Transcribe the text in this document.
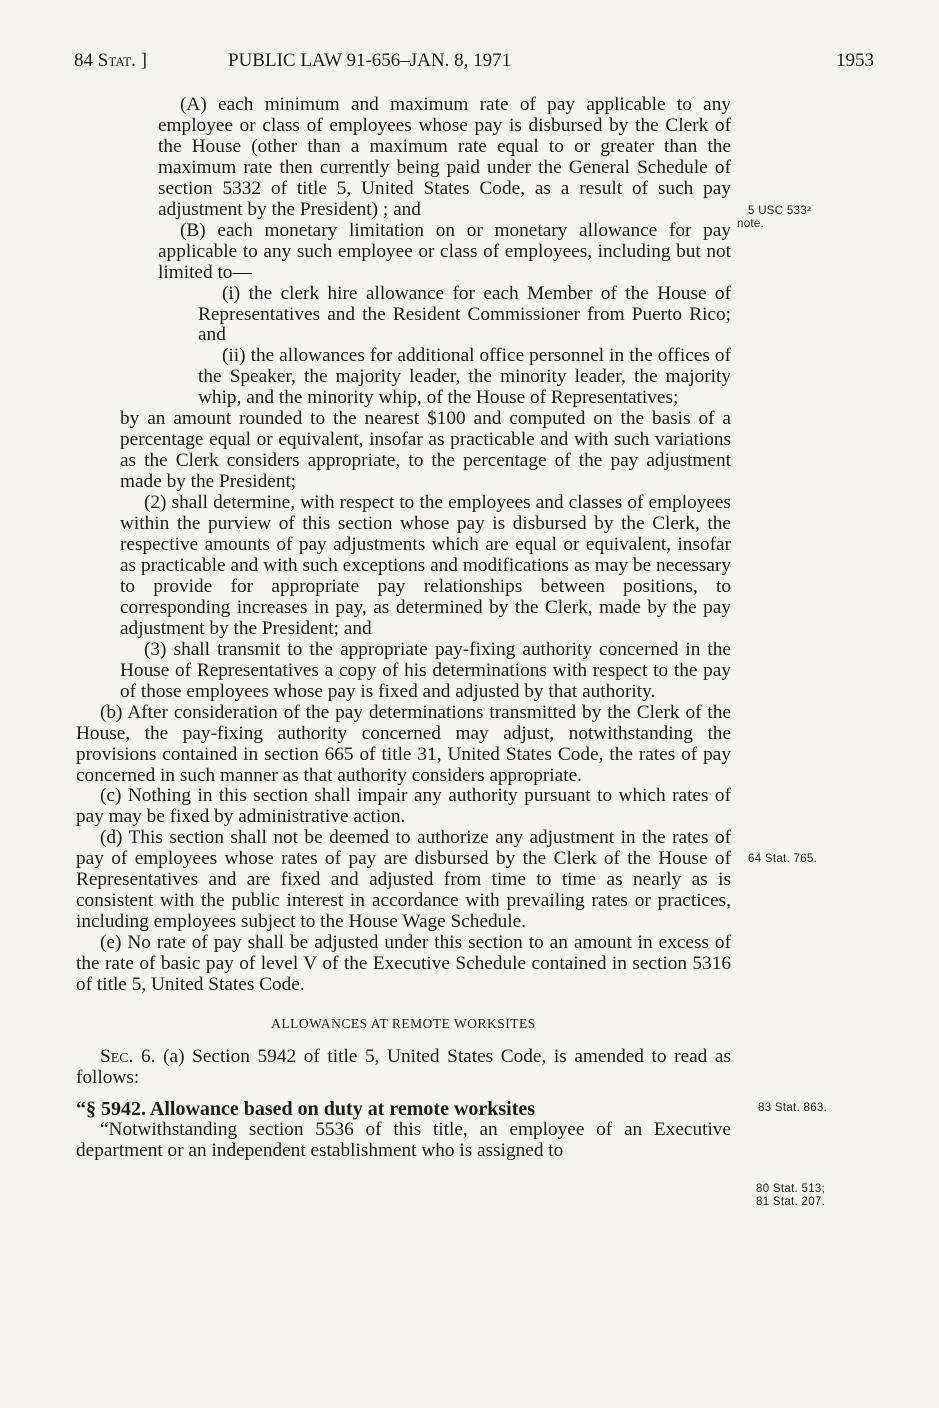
84 Stat. ]	PUBLIC LAW 91-656–JAN. 8, 1971	1953

(A) each minimum and maximum rate of pay applicable to any employee or class of employees whose pay is disbursed by the Clerk of the House (other than a maximum rate equal to or greater than the maximum rate then currently being paid under the General Schedule of section 5332 of title 5, United States Code, as a result of such pay adjustment by the President) ; and

(B) each monetary limitation on or monetary allowance for pay applicable to any such employee or class of employees, including but not limited to—

(i) the clerk hire allowance for each Member of the House of Representatives and the Resident Commissioner from Puerto Rico; and

(ii) the allowances for additional office personnel in the offices of the Speaker, the majority leader, the minority leader, the majority whip, and the minority whip, of the House of Representatives;

by an amount rounded to the nearest $100 and computed on the basis of a percentage equal or equivalent, insofar as practicable and with such variations as the Clerk considers appropriate, to the percentage of the pay adjustment made by the President;

(2) shall determine, with respect to the employees and classes of employees within the purview of this section whose pay is disbursed by the Clerk, the respective amounts of pay adjustments which are equal or equivalent, insofar as practicable and with such exceptions and modifications as may be necessary to provide for appropriate pay relationships between positions, to corresponding increases in pay, as determined by the Clerk, made by the pay adjustment by the President; and

(3) shall transmit to the appropriate pay-fixing authority concerned in the House of Representatives a copy of his determinations with respect to the pay of those employees whose pay is fixed and adjusted by that authority.

(b) After consideration of the pay determinations transmitted by the Clerk of the House, the pay-fixing authority concerned may adjust, notwithstanding the provisions contained in section 665 of title 31, United States Code, the rates of pay concerned in such manner as that authority considers appropriate.

(c) Nothing in this section shall impair any authority pursuant to which rates of pay may be fixed by administrative action.

(d) This section shall not be deemed to authorize any adjustment in the rates of pay of employees whose rates of pay are disbursed by the Clerk of the House of Representatives and are fixed and adjusted from time to time as nearly as is consistent with the public interest in accordance with prevailing rates or practices, including employees subject to the House Wage Schedule.

(e) No rate of pay shall be adjusted under this section to an amount in excess of the rate of basic pay of level V of the Executive Schedule contained in section 5316 of title 5, United States Code.

ALLOWANCES AT REMOTE WORKSITES

Sec. 6. (a) Section 5942 of title 5, United States Code, is amended to read as follows:

“§ 5942. Allowance based on duty at remote worksites

“Notwithstanding section 5536 of this title, an employee of an Executive department or an independent establishment who is assigned to

5 USC 533²
note.
64 Stat. 765.
83 Stat. 863.
80 Stat. 513;
81 Stat. 207.
